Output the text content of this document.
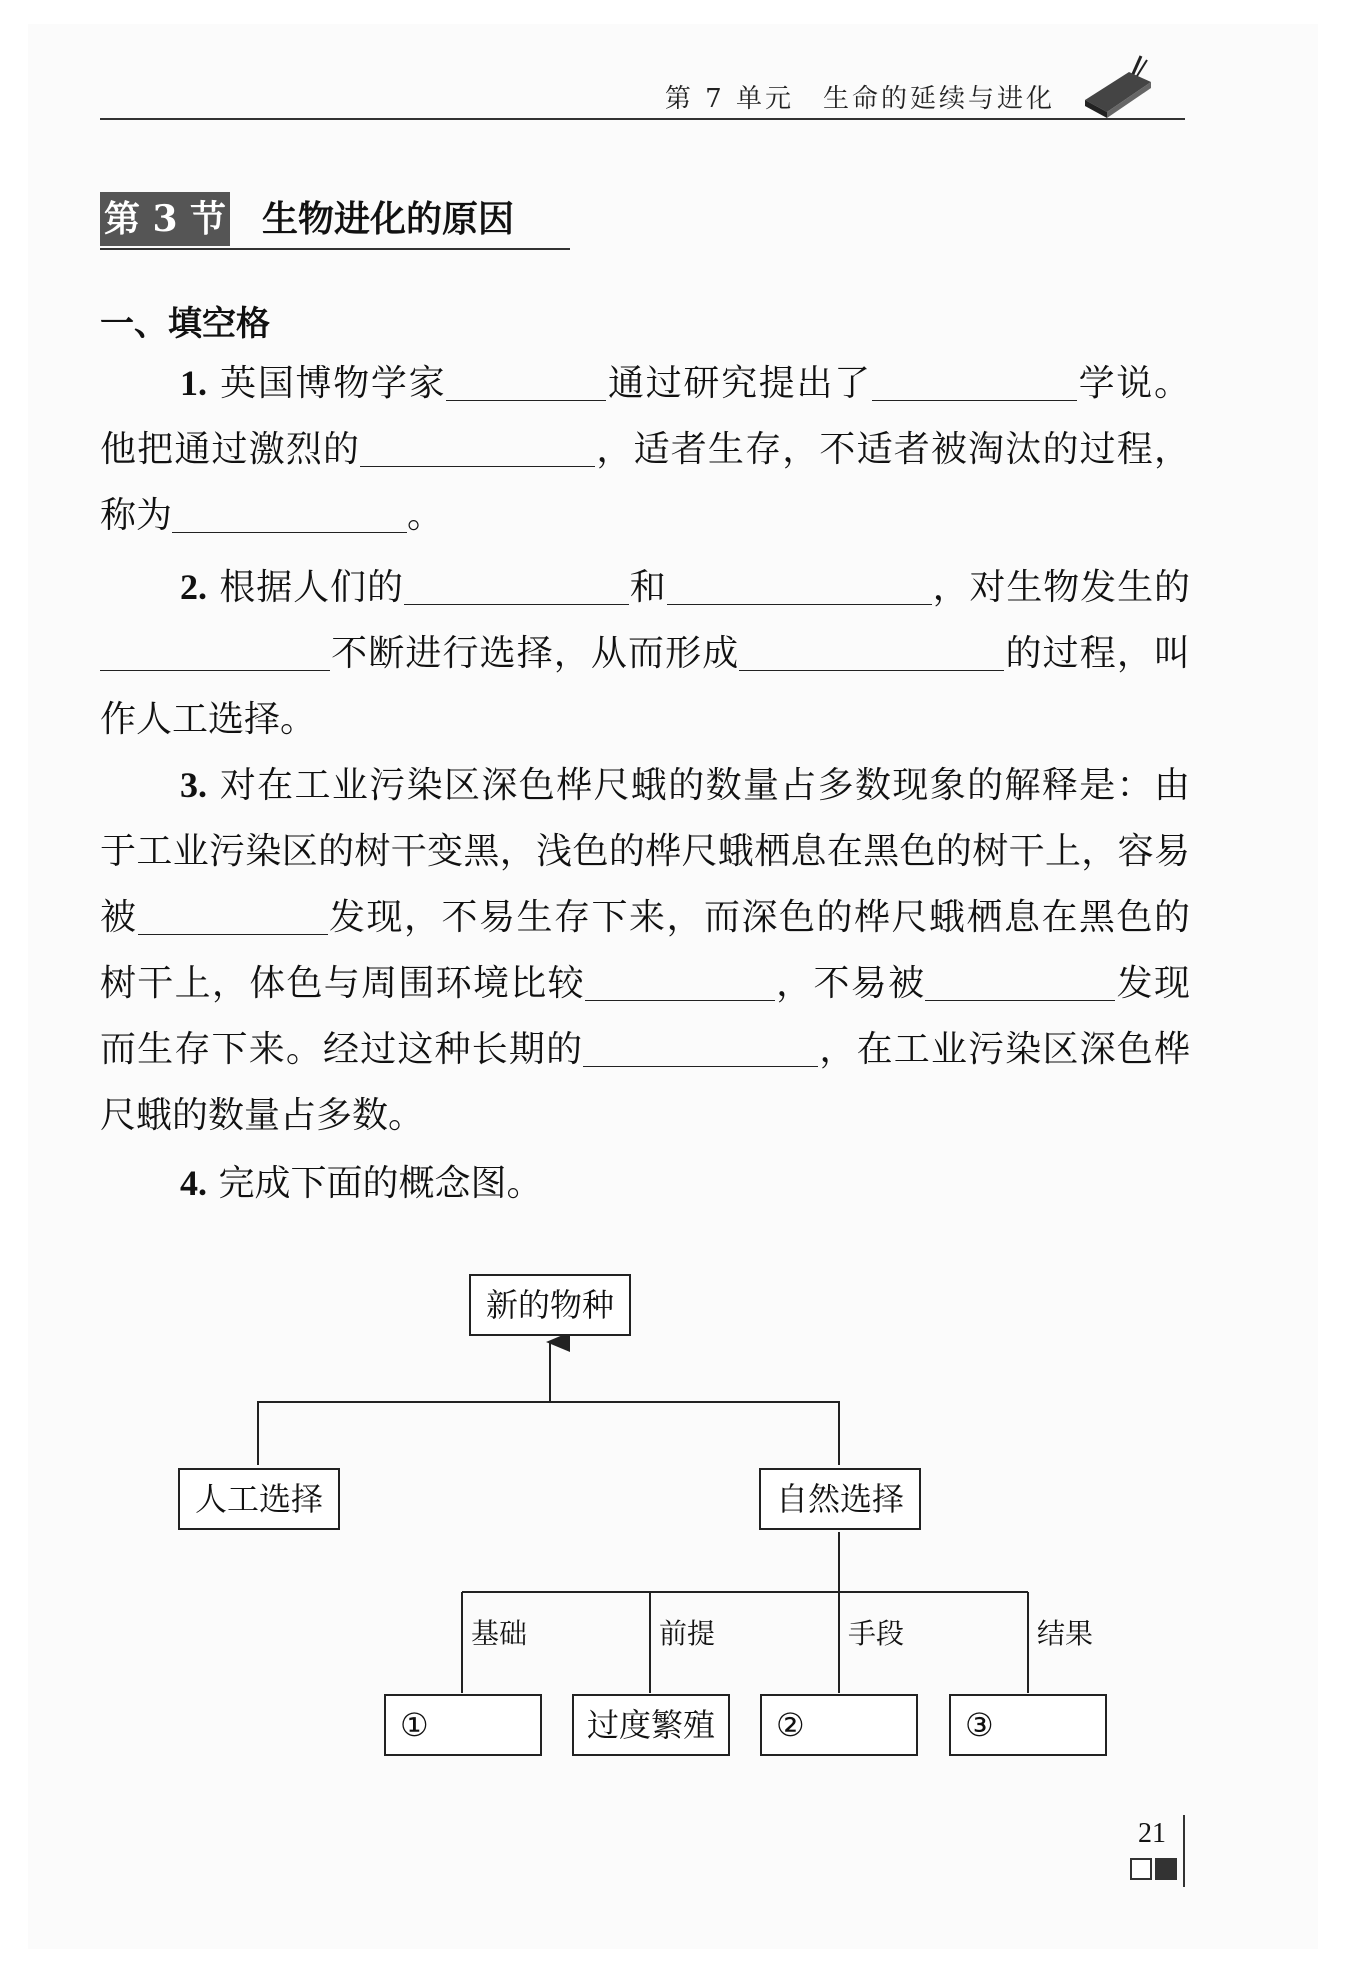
第 7 单元　生命的延续与进化
第 3 节 生物进化的原因
一、填空格
1. 英国博物学家	通过研究提出了	学说。他把通过激烈的	，适者生存，不适者被淘汰的过程，称为	。
2. 根据人们的	和	，对生物发生的不断进行选择，从而形成	的过程，叫作人工选择。
3. 对在工业污染区深色桦尺蛾的数量占多数现象的解释是：由于工业污染区的树干变黑，浅色的桦尺蛾栖息在黑色的树干上，容易被	发现，不易生存下来，而深色的桦尺蛾栖息在黑色的树干上，体色与周围环境比较	，不易被	发现而生存下来。经过这种长期的	，在工业污染区深色桦尺蛾的数量占多数。
4. 完成下面的概念图。
新的物种
人工选择	自然选择
基础	前提	手段	结果
①	过度繁殖	②	③
21
